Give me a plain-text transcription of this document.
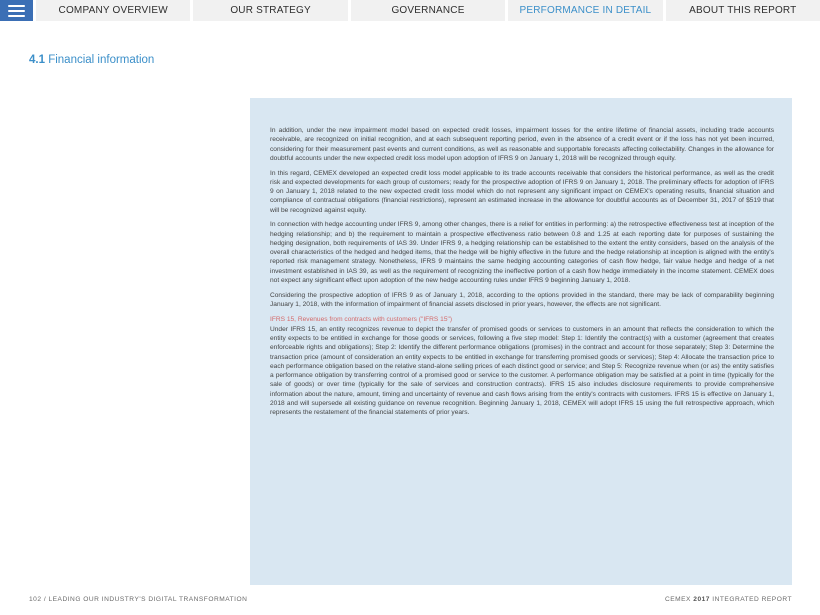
COMPANY OVERVIEW	OUR STRATEGY	GOVERNANCE	PERFORMANCE IN DETAIL	ABOUT THIS REPORT
4.1 Financial information

In addition, under the new impairment model based on expected credit losses, impairment losses for the entire lifetime of financial assets, including trade accounts receivable, are recognized on initial recognition, and at each subsequent reporting period, even in the absence of a credit event or if the loss has not yet been incurred, considering for their measurement past events and current conditions, as well as reasonable and supportable forecasts affecting collectability. Changes in the allowance for doubtful accounts under the new expected credit loss model upon adoption of IFRS 9 on January 1, 2018 will be recognized through equity.

In this regard, CEMEX developed an expected credit loss model applicable to its trade accounts receivable that considers the historical performance, as well as the credit risk and expected developments for each group of customers; ready for the prospective adoption of IFRS 9 on January 1, 2018. The preliminary effects for adoption of IFRS 9 on January 1, 2018 related to the new expected credit loss model which do not represent any significant impact on CEMEX's operating results, financial situation and compliance of contractual obligations (financial restrictions), represent an estimated increase in the allowance for doubtful accounts as of December 31, 2017 of $519 that will be recognized against equity.

In connection with hedge accounting under IFRS 9, among other changes, there is a relief for entities in performing: a) the retrospective effectiveness test at inception of the hedging relationship; and b) the requirement to maintain a prospective effectiveness ratio between 0.8 and 1.25 at each reporting date for purposes of sustaining the hedging designation, both requirements of IAS 39. Under IFRS 9, a hedging relationship can be established to the extent the entity considers, based on the analysis of the overall characteristics of the hedged and hedged items, that the hedge will be highly effective in the future and the hedge relationship at inception is aligned with the entity's reported risk management strategy. Nonetheless, IFRS 9 maintains the same hedging accounting categories of cash flow hedge, fair value hedge and hedge of a net investment established in IAS 39, as well as the requirement of recognizing the ineffective portion of a cash flow hedge immediately in the income statement. CEMEX does not expect any significant effect upon adoption of the new hedge accounting rules under IFRS 9 beginning January 1, 2018.

Considering the prospective adoption of IFRS 9 as of January 1, 2018, according to the options provided in the standard, there may be lack of comparability beginning January 1, 2018, with the information of impairment of financial assets disclosed in prior years, however, the effects are not significant.

IFRS 15, Revenues from contracts with customers ("IFRS 15")

Under IFRS 15, an entity recognizes revenue to depict the transfer of promised goods or services to customers in an amount that reflects the consideration to which the entity expects to be entitled in exchange for those goods or services, following a five step model: Step 1: Identify the contract(s) with a customer (agreement that creates enforceable rights and obligations); Step 2: Identify the different performance obligations (promises) in the contract and account for those separately; Step 3: Determine the transaction price (amount of consideration an entity expects to be entitled in exchange for transferring promised goods or services); Step 4: Allocate the transaction price to each performance obligation based on the relative stand-alone selling prices of each distinct good or service; and Step 5: Recognize revenue when (or as) the entity satisfies a performance obligation by transferring control of a promised good or service to the customer. A performance obligation may be satisfied at a point in time (typically for the sale of goods) or over time (typically for the sale of services and construction contracts). IFRS 15 also includes disclosure requirements to provide comprehensive information about the nature, amount, timing and uncertainty of revenue and cash flows arising from the entity's contracts with customers. IFRS 15 is effective on January 1, 2018 and will supersede all existing guidance on revenue recognition. Beginning January 1, 2018, CEMEX will adopt IFRS 15 using the full retrospective approach, which represents the restatement of the financial statements of prior years.

102 / LEADING OUR INDUSTRY'S DIGITAL TRANSFORMATION	CEMEX 2017 INTEGRATED REPORT
